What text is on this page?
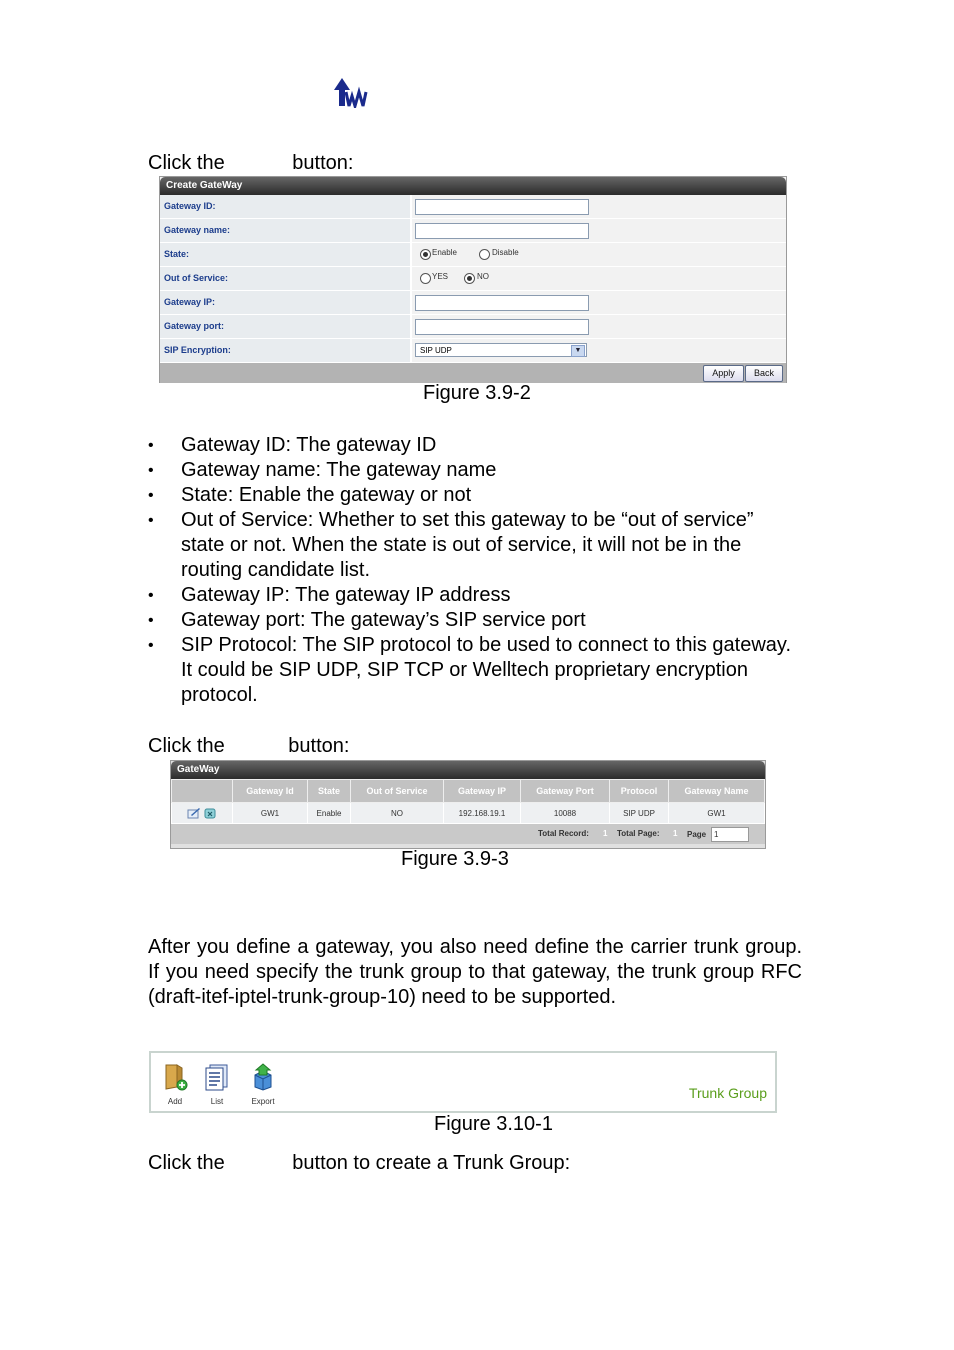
Click the	button:
Create GateWay
Gateway ID:
Gateway name:
State:	Enable	Disable
Out of Service:	YES	NO
Gateway IP:
Gateway port:
SIP Encryption:	SIP UDP	▼
Apply	Back
Figure 3.9-2
• Gateway ID: The gateway ID
• Gateway name: The gateway name
• State: Enable the gateway or not
• Out of Service: Whether to set this gateway to be “out of service” state or not. When the state is out of service, it will not be in the routing candidate list.
• Gateway IP: The gateway IP address
• Gateway port: The gateway’s SIP service port
• SIP Protocol: The SIP protocol to be used to connect to this gateway. It could be SIP UDP, SIP TCP or Welltech proprietary encryption protocol.
Click the	button:
GateWay
	Gateway Id	State	Out of Service	Gateway IP	Gateway Port	Protocol	Gateway Name
	GW1	Enable	NO	192.168.19.1	10088	SIP UDP	GW1
Total Record: 1 Total Page: 1 Page 1
Figure 3.9-3
After you define a gateway, you also need define the carrier trunk group. If you need specify the trunk group to that gateway, the trunk group RFC (draft-itef-iptel-trunk-group-10) need to be supported.
Add	List	Export
Trunk Group
Figure 3.10-1
Click the	button to create a Trunk Group:
